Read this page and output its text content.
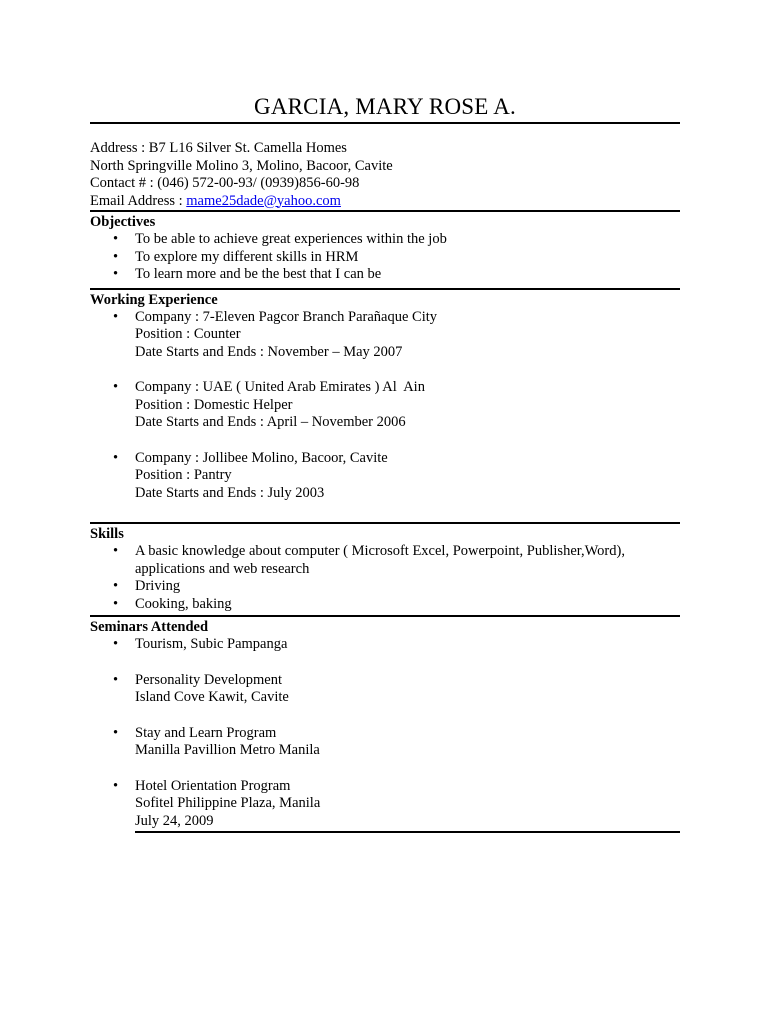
GARCIA, MARY ROSE A.
Address : B7 L16 Silver St. Camella Homes
North Springville Molino 3, Molino, Bacoor, Cavite
Contact # : (046) 572-00-93/ (0939)856-60-98
Email Address : mame25dade@yahoo.com
Objectives
• To be able to achieve great experiences within the job
• To explore my different skills in HRM
• To learn more and be the best that I can be
Working Experience
• Company : 7-Eleven Pagcor Branch Parañaque City
Position : Counter
Date Starts and Ends : November – May 2007
• Company : UAE ( United Arab Emirates ) Al  Ain
Position : Domestic Helper
Date Starts and Ends : April – November 2006
• Company : Jollibee Molino, Bacoor, Cavite
Position : Pantry
Date Starts and Ends : July 2003
Skills
• A basic knowledge about computer ( Microsoft Excel, Powerpoint, Publisher,Word),
applications and web research
• Driving
• Cooking, baking
Seminars Attended
• Tourism, Subic Pampanga
• Personality Development
Island Cove Kawit, Cavite
• Stay and Learn Program
Manilla Pavillion Metro Manila
• Hotel Orientation Program
Sofitel Philippine Plaza, Manila
July 24, 2009
